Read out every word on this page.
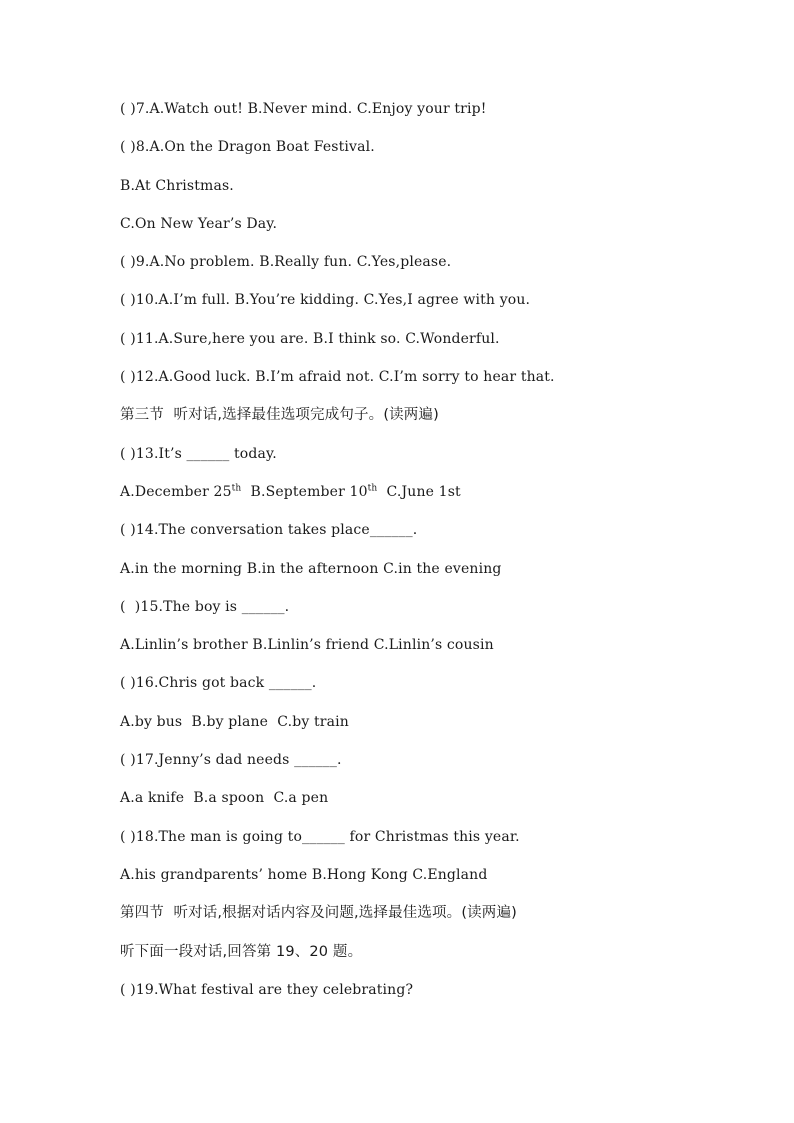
( )7.A.Watch out! B.Never mind. C.Enjoy your trip!
( )8.A.On the Dragon Boat Festival.
B.At Christmas.
C.On New Year’s Day.
( )9.A.No problem. B.Really fun. C.Yes,please.
( )10.A.I’m full. B.You’re kidding. C.Yes,I agree with you.
( )11.A.Sure,here you are. B.I think so. C.Wonderful.
( )12.A.Good luck. B.I’m afraid not. C.I’m sorry to hear that.
第三节  听对话,选择最佳选项完成句子。(读两遍)
( )13.It’s ______ today.
A.December 25th  B.September 10th  C.June 1st
( )14.The conversation takes place______.
A.in the morning B.in the afternoon C.in the evening
(  )15.The boy is ______.
A.Linlin’s brother B.Linlin’s friend C.Linlin’s cousin
( )16.Chris got back ______.
A.by bus  B.by plane  C.by train
( )17.Jenny’s dad needs ______.
A.a knife  B.a spoon  C.a pen
( )18.The man is going to______ for Christmas this year.
A.his grandparents’ home B.Hong Kong C.England
第四节  听对话,根据对话内容及问题,选择最佳选项。(读两遍)
听下面一段对话,回答第 19、20 题。
( )19.What festival are they celebrating?
